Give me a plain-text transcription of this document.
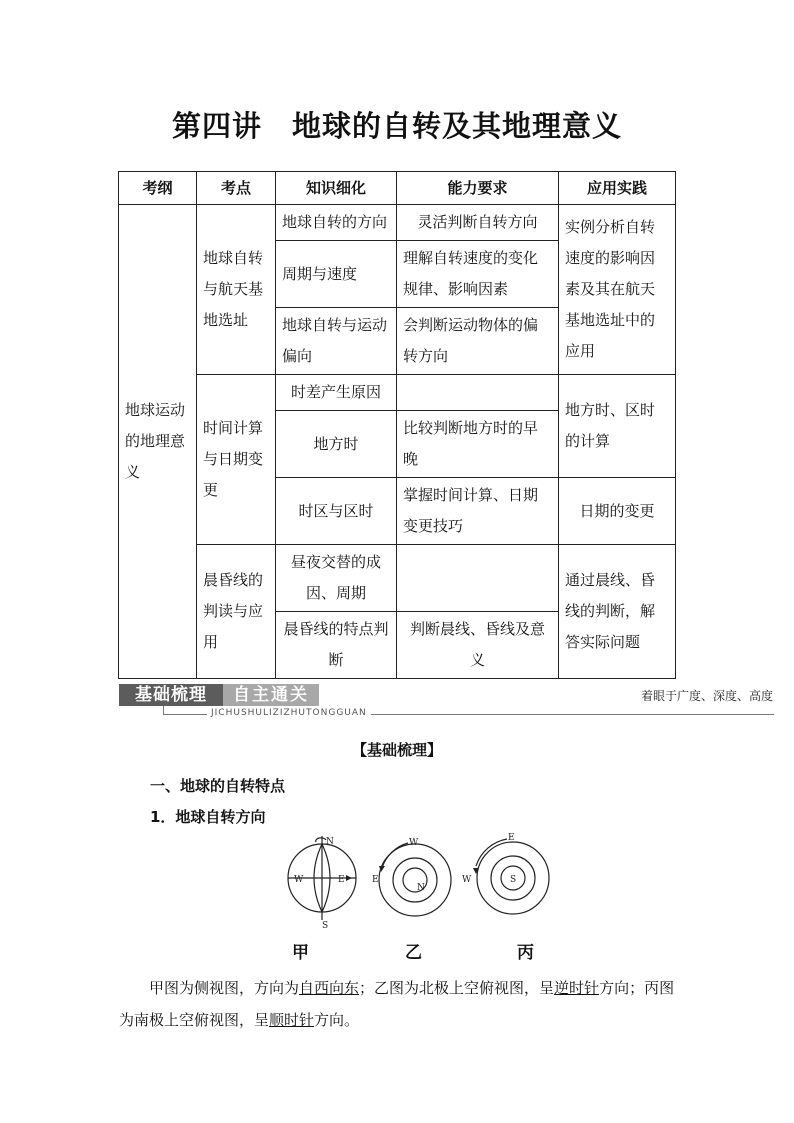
第四讲 地球的自转及其地理意义
考纲	考点	知识细化	能力要求	应用实践
地球运动的地理意义	地球自转与航天基地选址	地球自转的方向	灵活判断自转方向	实例分析自转速度的影响因素及其在航天基地选址中的应用
		周期与速度	理解自转速度的变化规律、影响因素	
		地球自转与运动偏向	会判断运动物体的偏转方向	
	时间计算与日期变更	时差产生原因		地方时、区时的计算
		地方时	比较判断地方时的早晚	
		时区与区时	掌握时间计算、日期变更技巧	日期的变更
	晨昏线的判读与应用	昼夜交替的成因、周期		通过晨线、昏线的判断，解答实际问题
		晨昏线的特点判断	判断晨线、昏线及意义	
基础梳理	自主通关	着眼于广度、深度、高度
JICHUSHULIZIZHUTONGGUAN
【基础梳理】
一、地球的自转特点
1．地球自转方向
N
S
W	E
W
E
N
E
W	S
甲	乙	丙
甲图为侧视图，方向为自西向东；乙图为北极上空俯视图，呈逆时针方向；丙图为南极上空俯视图，呈顺时针方向。
